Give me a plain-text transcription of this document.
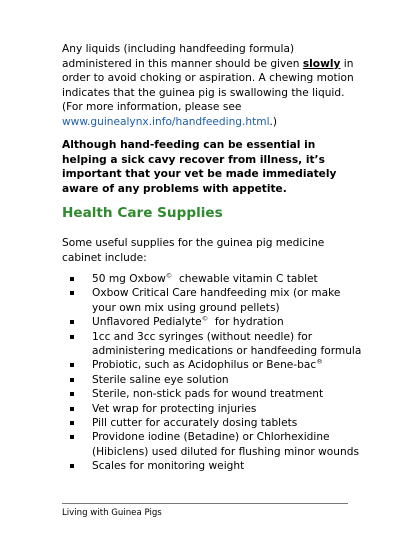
Any liquids (including handfeeding formula) administered in this manner should be given slowly in order to avoid choking or aspiration. A chewing motion indicates that the guinea pig is swallowing the liquid. (For more information, please see www.guinealynx.info/handfeeding.html.)

Although hand-feeding can be essential in helping a sick cavy recover from illness, it’s important that your vet be made immediately aware of any problems with appetite.

Health Care Supplies

Some useful supplies for the guinea pig medicine cabinet include:

50 mg Oxbow©  chewable vitamin C tablet
Oxbow Critical Care handfeeding mix (or make your own mix using ground pellets)
Unflavored Pedialyte©  for hydration
1cc and 3cc syringes (without needle) for administering medications or handfeeding formula
Probiotic, such as Acidophilus or Bene-bac®
Sterile saline eye solution
Sterile, non-stick pads for wound treatment
Vet wrap for protecting injuries
Pill cutter for accurately dosing tablets
Providone iodine (Betadine) or Chlorhexidine (Hibiclens) used diluted for flushing minor wounds
Scales for monitoring weight
Living with Guinea Pigs
